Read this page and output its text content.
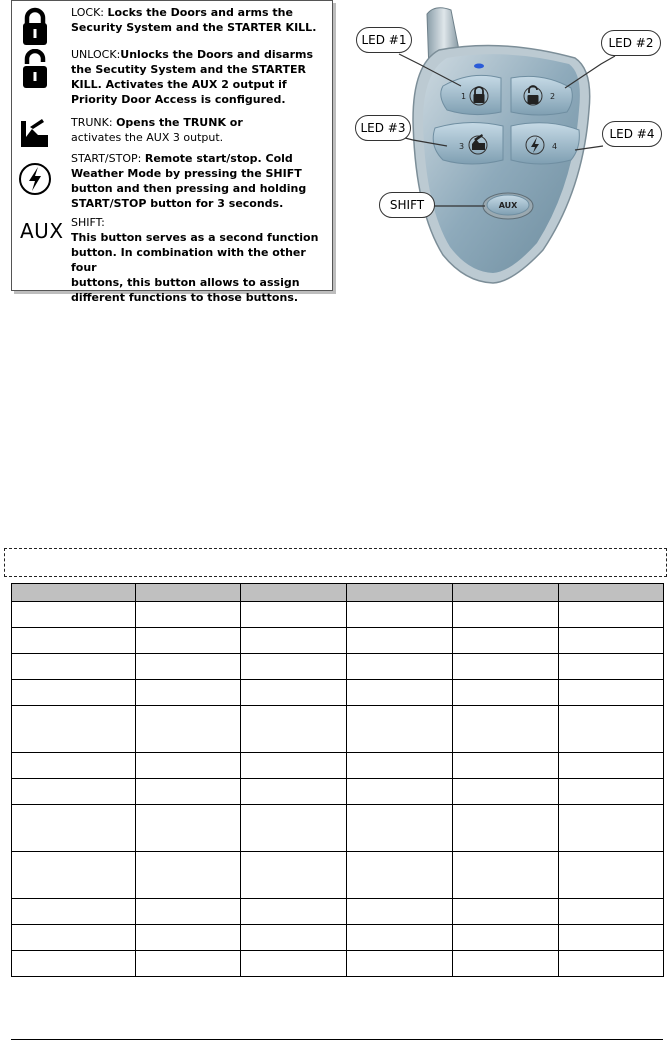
LOCK: Locks the Doors and arms the
Security System and the STARTER KILL.
UNLOCK:Unlocks the Doors and disarms
the Secutity System and the STARTER
KILL. Activates the AUX 2 output if
Priority Door Access is configured.
TRUNK: Opens the TRUNK or
activates the AUX 3 output.
START/STOP: Remote start/stop. Cold
Weather Mode by pressing the SHIFT
button and then pressing and holding
START/STOP button for 3 seconds.
AUX SHIFT:
This button serves as a second function
button. In combination with the other four
buttons, this button allows to assign
different functions to those buttons.
1	2
3	4
AUX
LED #1	LED #2
LED #3	LED #4
SHIFT
